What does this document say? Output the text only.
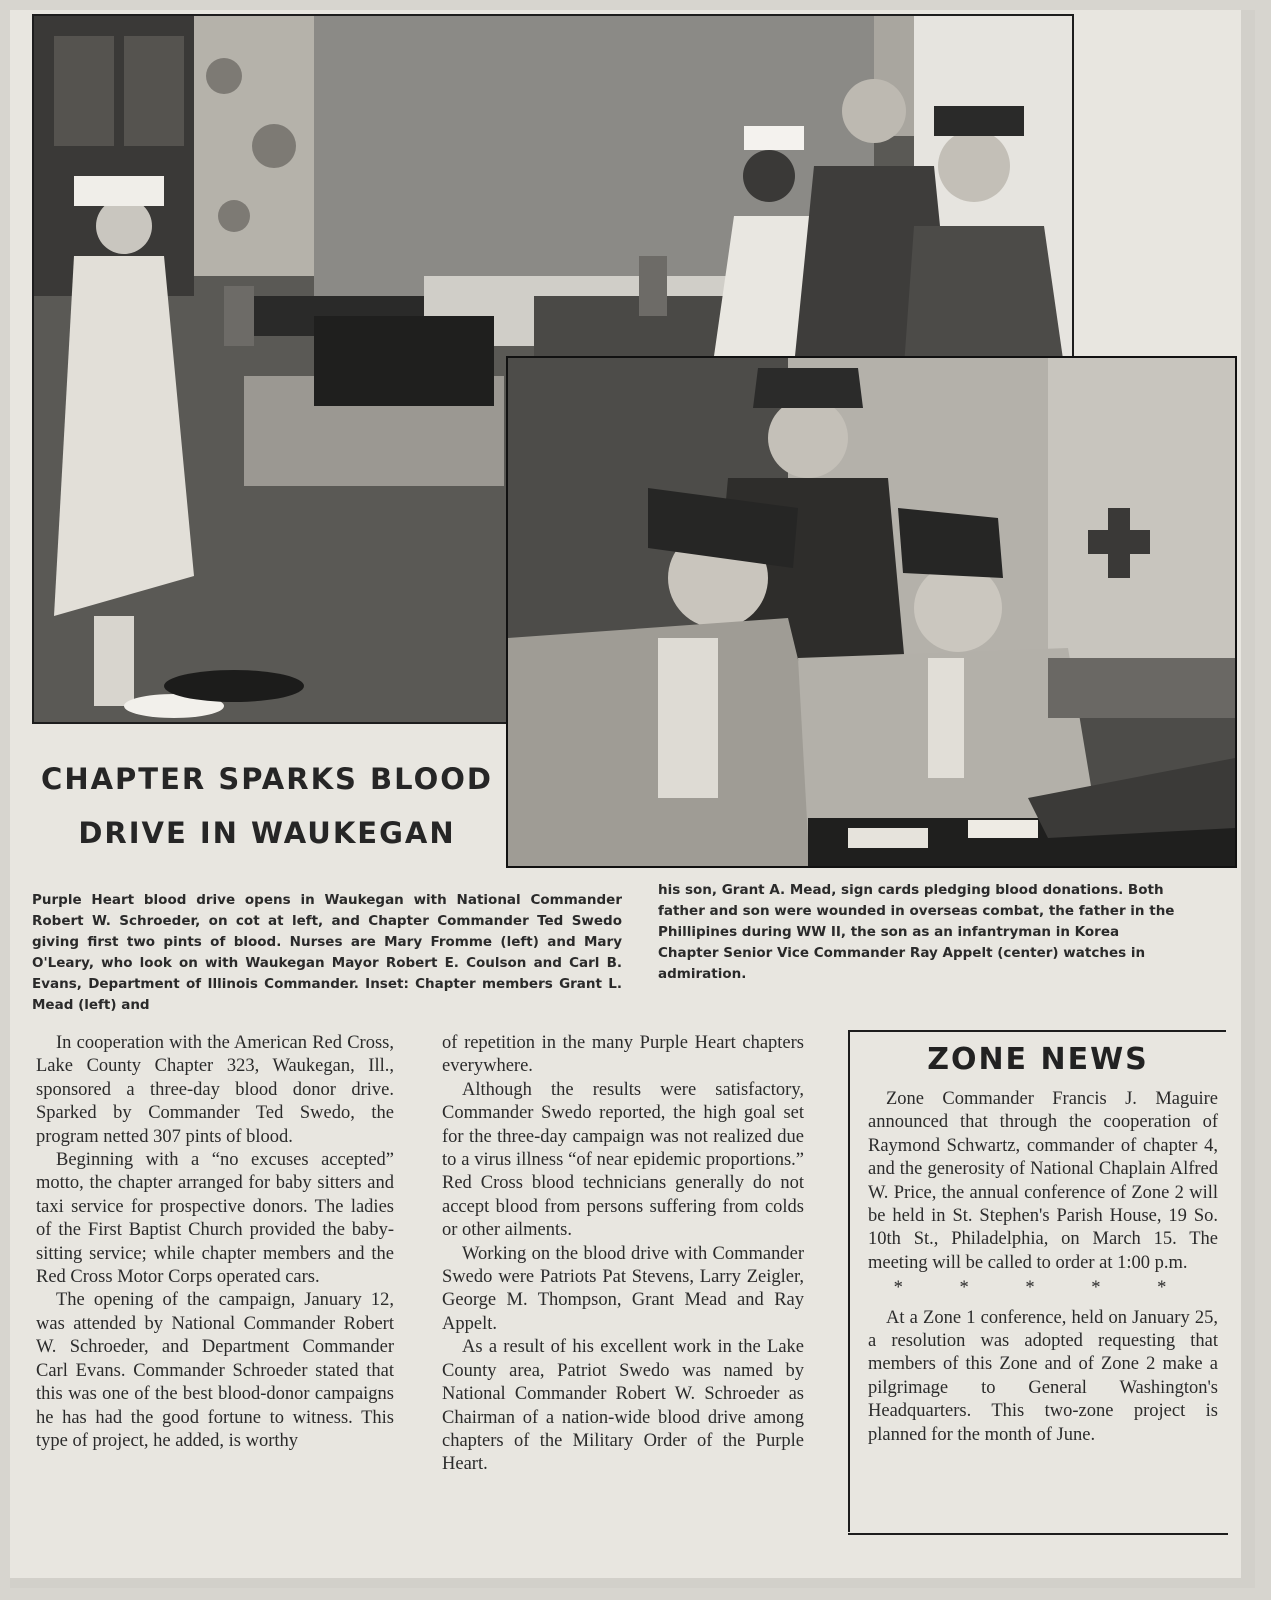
CHAPTER SPARKS BLOOD
DRIVE IN WAUKEGAN
Purple Heart blood drive opens in Waukegan with National Commander Robert W. Schroeder, on cot at left, and Chapter Commander Ted Swedo giving first two pints of blood. Nurses are Mary Fromme (left) and Mary O'Leary, who look on with Waukegan Mayor Robert E. Coulson and Carl B. Evans, Department of Illinois Commander. Inset: Chapter members Grant L. Mead (left) and
his son, Grant A. Mead, sign cards pledging blood donations. Both
father and son were wounded in overseas combat, the father in the
Phillipines during WW II, the son as an infantryman in Korea
Chapter Senior Vice Commander Ray Appelt (center) watches in
admiration.

In cooperation with the American Red Cross, Lake County Chapter 323, Waukegan, Ill., sponsored a three-day blood donor drive. Sparked by Commander Ted Swedo, the program netted 307 pints of blood.

Beginning with a “no excuses accepted” motto, the chapter arranged for baby sitters and taxi service for prospective donors. The ladies of the First Baptist Church provided the baby-sitting service; while chapter members and the Red Cross Motor Corps operated cars.

The opening of the campaign, January 12, was attended by National Commander Robert W. Schroeder, and Department Commander Carl Evans. Commander Schroeder stated that this was one of the best blood-donor campaigns he has had the good fortune to witness. This type of project, he added, is worthy

of repetition in the many Purple Heart chapters everywhere.

Although the results were satisfactory, Commander Swedo reported, the high goal set for the three-day campaign was not realized due to a virus illness “of near epidemic proportions.” Red Cross blood technicians generally do not accept blood from persons suffering from colds or other ailments.

Working on the blood drive with Commander Swedo were Patriots Pat Stevens, Larry Zeigler, George M. Thompson, Grant Mead and Ray Appelt.

As a result of his excellent work in the Lake County area, Patriot Swedo was named by National Commander Robert W. Schroeder as Chairman of a nation-wide blood drive among chapters of the Military Order of the Purple Heart.

ZONE NEWS

Zone Commander Francis J. Maguire announced that through the cooperation of Raymond Schwartz, commander of chapter 4, and the generosity of National Chaplain Alfred W. Price, the annual conference of Zone 2 will be held in St. Stephen's Parish House, 19 So. 10th St., Philadelphia, on March 15. The meeting will be called to order at 1:00 p.m.

* * * * *

At a Zone 1 conference, held on January 25, a resolution was adopted requesting that members of this Zone and of Zone 2 make a pilgrimage to General Washington's Headquarters. This two-zone project is planned for the month of June.
